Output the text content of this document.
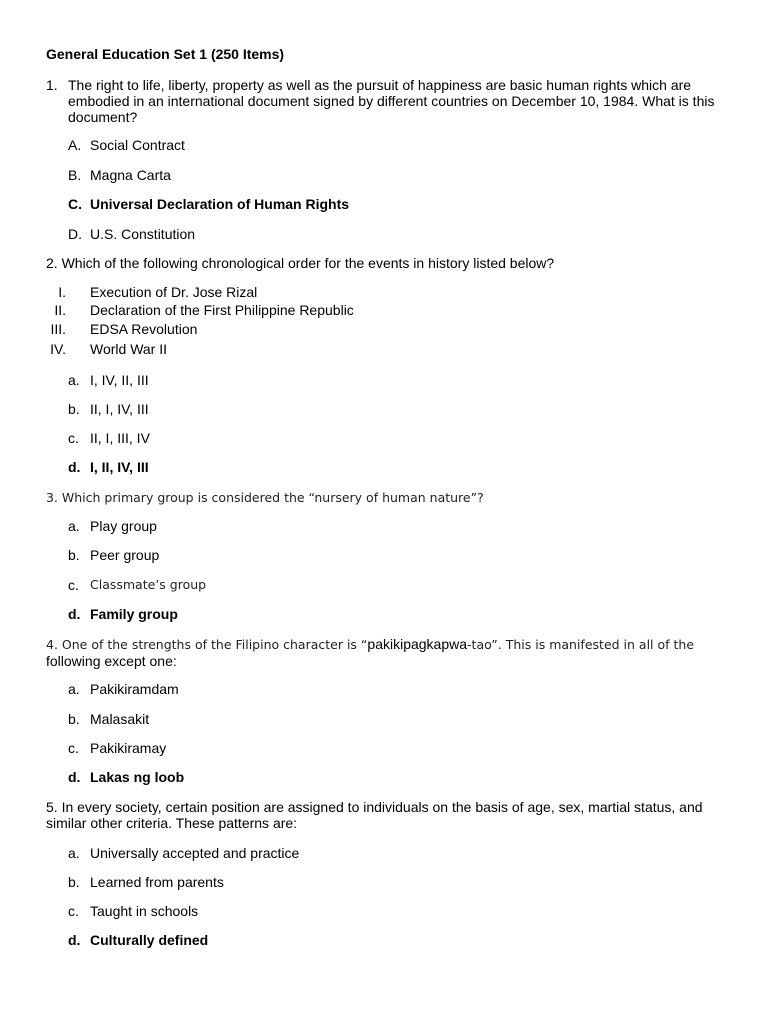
General Education Set 1 (250 Items)
1. The right to life, liberty, property as well as the pursuit of happiness are basic human rights which are
embodied in an international document signed by different countries on December 10, 1984. What is this
document?
A. Social Contract
B. Magna Carta
C. Universal Declaration of Human Rights
D. U.S. Constitution
2. Which of the following chronological order for the events in history listed below?
I. Execution of Dr. Jose Rizal
II. Declaration of the First Philippine Republic
III. EDSA Revolution
IV. World War II
a. I, IV, II, III
b. II, I, IV, III
c. II, I, III, IV
d. I, II, IV, III
3. Which primary group is considered the “nursery of human nature”?
a. Play group
b. Peer group
c. Classmate’s group
d. Family group
4. One of the strengths of the Filipino character is “pakikipagkapwa-tao”. This is manifested in all of the
following except one:
a. Pakikiramdam
b. Malasakit
c. Pakikiramay
d. Lakas ng loob
5. In every society, certain position are assigned to individuals on the basis of age, sex, martial status, and
similar other criteria. These patterns are:
a. Universally accepted and practice
b. Learned from parents
c. Taught in schools
d. Culturally defined
